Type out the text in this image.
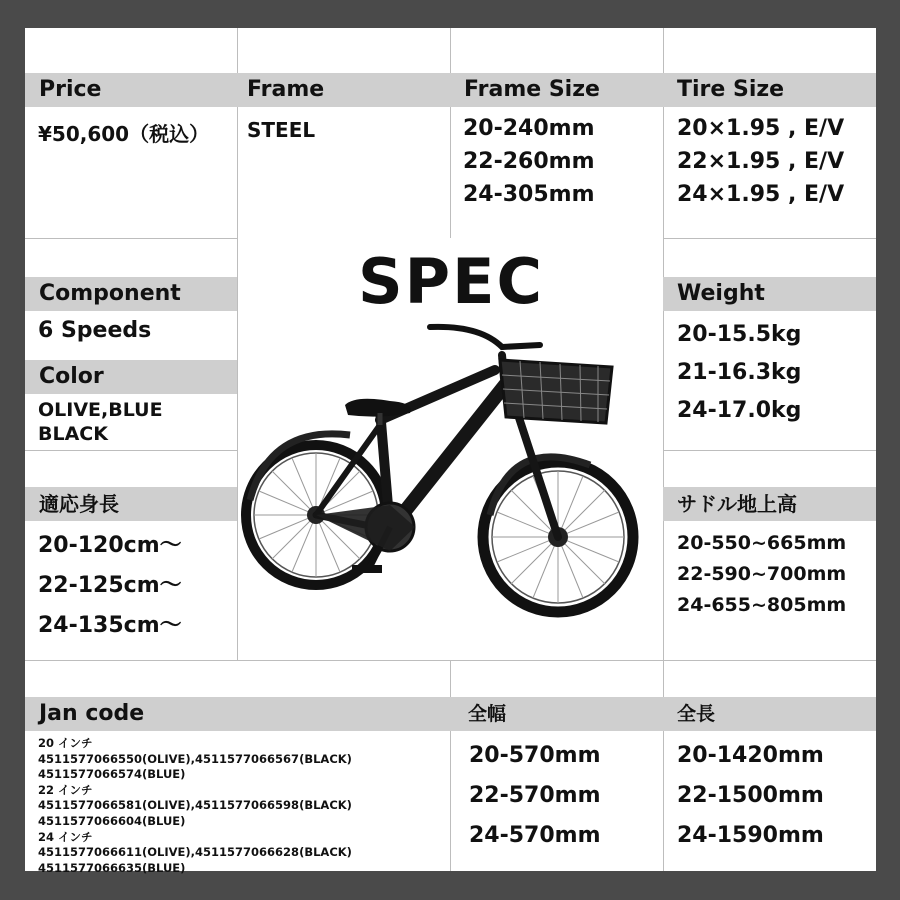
Price
¥50,600（税込）
Frame
STEEL
Frame Size
20-240mm
22-260mm
24-305mm
Tire Size
20×1.95 , E/V
22×1.95 , E/V
24×1.95 , E/V
SPEC
Component
6 Speeds
Color
OLIVE,BLUE
BLACK
Weight
20-15.5kg
21-16.3kg
24-17.0kg
適応身長
20-120cm〜
22-125cm〜
24-135cm〜
サドル地上高
20-550~665mm
22-590~700mm
24-655~805mm
Jan code
20 インチ
4511577066550(OLIVE),4511577066567(BLACK)
4511577066574(BLUE)
22 インチ
4511577066581(OLIVE),4511577066598(BLACK)
4511577066604(BLUE)
24 インチ
4511577066611(OLIVE),4511577066628(BLACK)
4511577066635(BLUE)
全幅
20-570mm
22-570mm
24-570mm
全長
20-1420mm
22-1500mm
24-1590mm
